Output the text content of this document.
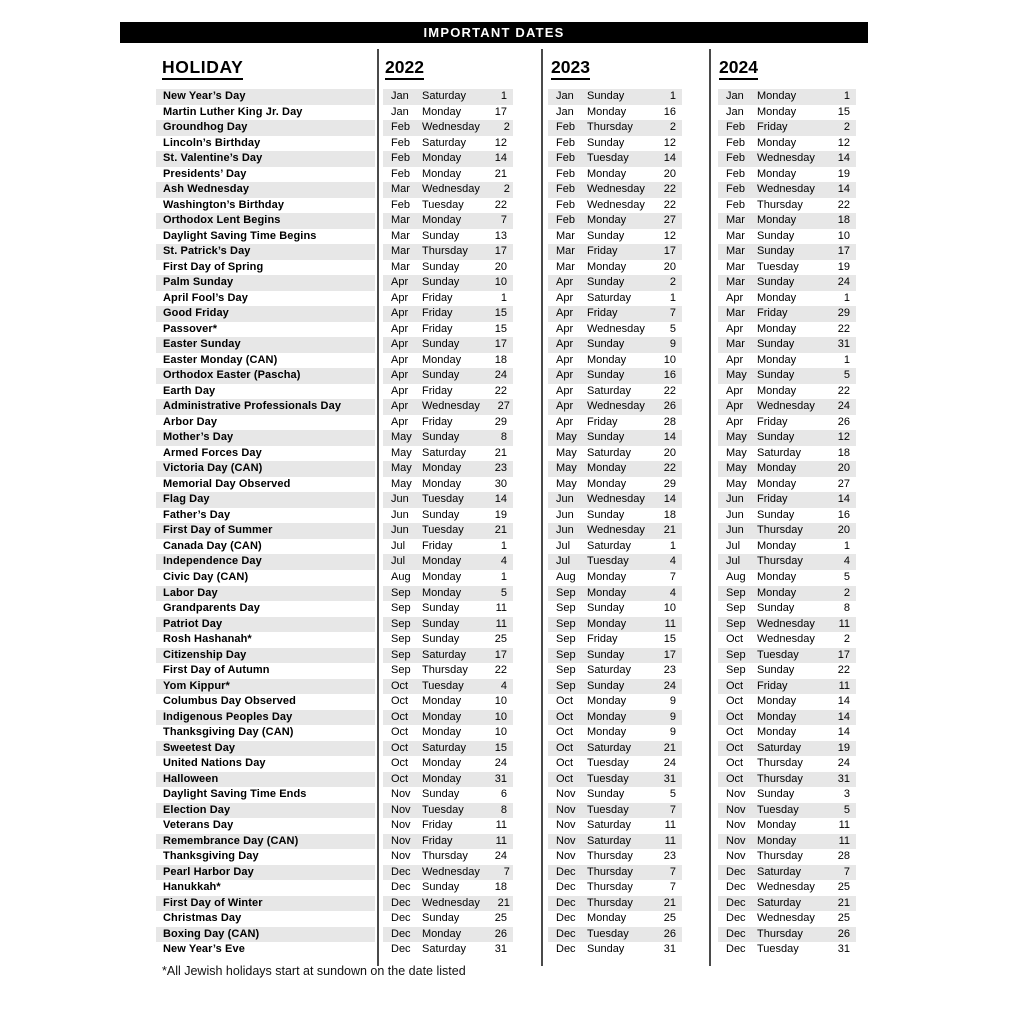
IMPORTANT DATES
HOLIDAY	2022	2023	2024
New Year’s Day	Jan	Saturday	1	Jan	Sunday	1	Jan	Monday	1
Martin Luther King Jr. Day	Jan	Monday	17	Jan	Monday	16	Jan	Monday	15
Groundhog Day	Feb	Wednesday	2	Feb	Thursday	2	Feb	Friday	2
Lincoln’s Birthday	Feb	Saturday	12	Feb	Sunday	12	Feb	Monday	12
St. Valentine’s Day	Feb	Monday	14	Feb	Tuesday	14	Feb	Wednesday	14
Presidents’ Day	Feb	Monday	21	Feb	Monday	20	Feb	Monday	19
Ash Wednesday	Mar	Wednesday	2	Feb	Wednesday	22	Feb	Wednesday	14
Washington’s Birthday	Feb	Tuesday	22	Feb	Wednesday	22	Feb	Thursday	22
Orthodox Lent Begins	Mar	Monday	7	Feb	Monday	27	Mar	Monday	18
Daylight Saving Time Begins	Mar	Sunday	13	Mar	Sunday	12	Mar	Sunday	10
St. Patrick’s Day	Mar	Thursday	17	Mar	Friday	17	Mar	Sunday	17
First Day of Spring	Mar	Sunday	20	Mar	Monday	20	Mar	Tuesday	19
Palm Sunday	Apr	Sunday	10	Apr	Sunday	2	Mar	Sunday	24
April Fool’s Day	Apr	Friday	1	Apr	Saturday	1	Apr	Monday	1
Good Friday	Apr	Friday	15	Apr	Friday	7	Mar	Friday	29
Passover*	Apr	Friday	15	Apr	Wednesday	5	Apr	Monday	22
Easter Sunday	Apr	Sunday	17	Apr	Sunday	9	Mar	Sunday	31
Easter Monday (CAN)	Apr	Monday	18	Apr	Monday	10	Apr	Monday	1
Orthodox Easter (Pascha)	Apr	Sunday	24	Apr	Sunday	16	May Sunday	5
Earth Day	Apr	Friday	22	Apr	Saturday	22	Apr	Monday	22
Administrative Professionals Day	Apr	Wednesday	27	Apr	Wednesday	26	Apr	Wednesday	24
Arbor Day	Apr	Friday	29	Apr	Friday	28	Apr	Friday	26
Mother’s Day	May Sunday	8	May Sunday	14	May Sunday	12
Armed Forces Day	May Saturday	21	May Saturday	20	May Saturday	18
Victoria Day (CAN)	May Monday	23	May Monday	22	May Monday	20
Memorial Day Observed	May Monday	30	May Monday	29	May Monday	27
Flag Day	Jun	Tuesday	14	Jun	Wednesday	14	Jun	Friday	14
Father’s Day	Jun	Sunday	19	Jun	Sunday	18	Jun	Sunday	16
First Day of Summer	Jun	Tuesday	21	Jun	Wednesday	21	Jun	Thursday	20
Canada Day (CAN)	Jul	Friday	1	Jul	Saturday	1	Jul	Monday	1
Independence Day	Jul	Monday	4	Jul	Tuesday	4	Jul	Thursday	4
Civic Day (CAN)	Aug	Monday	1	Aug	Monday	7	Aug	Monday	5
Labor Day	Sep	Monday	5	Sep	Monday	4	Sep	Monday	2
Grandparents Day	Sep	Sunday	11	Sep	Sunday	10	Sep	Sunday	8
Patriot Day	Sep	Sunday	11	Sep	Monday	11	Sep	Wednesday	11
Rosh Hashanah*	Sep	Sunday	25	Sep	Friday	15	Oct	Wednesday	2
Citizenship Day	Sep	Saturday	17	Sep	Sunday	17	Sep	Tuesday	17
First Day of Autumn	Sep	Thursday	22	Sep	Saturday	23	Sep	Sunday	22
Yom Kippur*	Oct	Tuesday	4	Sep	Sunday	24	Oct	Friday	11
Columbus Day Observed	Oct	Monday	10	Oct	Monday	9	Oct	Monday	14
Indigenous Peoples Day	Oct	Monday	10	Oct	Monday	9	Oct	Monday	14
Thanksgiving Day (CAN)	Oct	Monday	10	Oct	Monday	9	Oct	Monday	14
Sweetest Day	Oct	Saturday	15	Oct	Saturday	21	Oct	Saturday	19
United Nations Day	Oct	Monday	24	Oct	Tuesday	24	Oct	Thursday	24
Halloween	Oct	Monday	31	Oct	Tuesday	31	Oct	Thursday	31
Daylight Saving Time Ends	Nov	Sunday	6	Nov	Sunday	5	Nov	Sunday	3
Election Day	Nov	Tuesday	8	Nov	Tuesday	7	Nov	Tuesday	5
Veterans Day	Nov	Friday	11	Nov	Saturday	11	Nov	Monday	11
Remembrance Day (CAN)	Nov	Friday	11	Nov	Saturday	11	Nov	Monday	11
Thanksgiving Day	Nov	Thursday	24	Nov	Thursday	23	Nov	Thursday	28
Pearl Harbor Day	Dec	Wednesday	7	Dec	Thursday	7	Dec	Saturday	7
Hanukkah*	Dec	Sunday	18	Dec	Thursday	7	Dec	Wednesday	25
First Day of Winter	Dec	Wednesday	21	Dec	Thursday	21	Dec	Saturday	21
Christmas Day	Dec	Sunday	25	Dec	Monday	25	Dec	Wednesday	25
Boxing Day (CAN)	Dec	Monday	26	Dec	Tuesday	26	Dec	Thursday	26
New Year’s Eve	Dec	Saturday	31	Dec	Sunday	31	Dec	Tuesday	31
*All Jewish holidays start at sundown on the date listed
